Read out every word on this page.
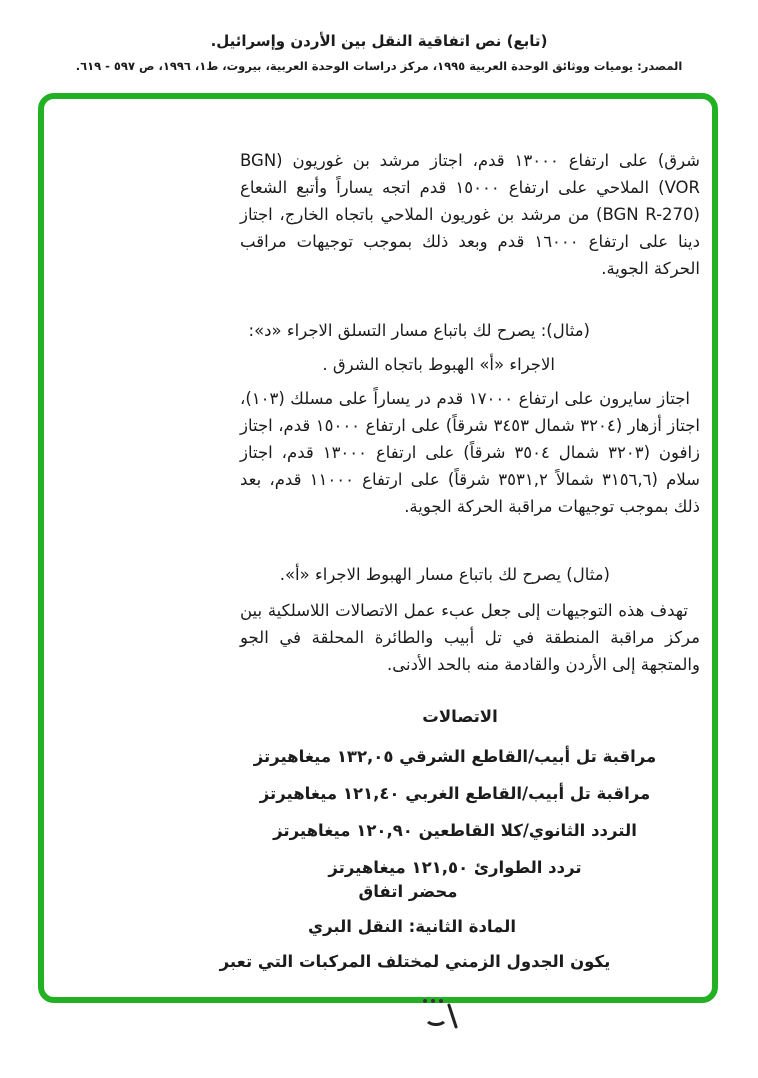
(تابع) نص اتفاقية النقل بين الأردن وإسرائيل.
المصدر: يوميات ووثائق الوحدة العربية ١٩٩٥، مركز دراسات الوحدة العربية، بيروت، ط١، ١٩٩٦، ص ٥٩٧ - ٦١٩.
شرق) على ارتفاع ١٣٠٠٠ قدم، اجتاز مرشد بن غوريون (BGN VOR) الملاحي على ارتفاع ١٥٠٠٠ قدم اتجه يساراً وأتبع الشعاع (BGN R-270) من مرشد بن غوريون الملاحي باتجاه الخارج، اجتاز دينا على ارتفاع ١٦٠٠٠ قدم وبعد ذلك بموجب توجيهات مراقب الحركة الجوية.
(مثال): يصرح لك باتباع مسار التسلق الاجراء «د»:
الاجراء «أ» الهبوط باتجاه الشرق .
اجتاز سايرون على ارتفاع ١٧٠٠٠ قدم در يساراً على مسلك (١٠٣)، اجتاز أزهار (٣٢٠٤ شمال ٣٤٥٣ شرقاً) على ارتفاع ١٥٠٠٠ قدم، اجتاز زافون (٣٢٠٣ شمال ٣٥٠٤ شرقاً) على ارتفاع ١٣٠٠٠ قدم، اجتاز سلام (٣١٥٦,٦ شمالاً ٣٥٣١,٢ شرقاً) على ارتفاع ١١٠٠٠ قدم، بعد ذلك بموجب توجيهات مراقبة الحركة الجوية.
(مثال) يصرح لك باتباع مسار الهبوط الاجراء «أ».
تهدف هذه التوجيهات إلى جعل عبء عمل الاتصالات اللاسلكية بين مركز مراقبة المنطقة في تل أبيب والطائرة المحلقة في الجو والمتجهة إلى الأردن والقادمة منه بالحد الأدنى.
الاتصالات
مراقبة تل أبيب/القاطع الشرقي ١٣٢,٠٥ ميغاهيرتز
مراقبة تل أبيب/القاطع الغربي ١٢١,٤٠ ميغاهيرتز
التردد الثانوي/كلا القاطعين ١٢٠,٩٠ ميغاهيرتز
تردد الطوارئ ١٢١,٥٠ ميغاهيرتز
محضر اتفاق
المادة الثانية: النقل البري
يكون الجدول الزمني لمختلف المركبات التي تعبر
